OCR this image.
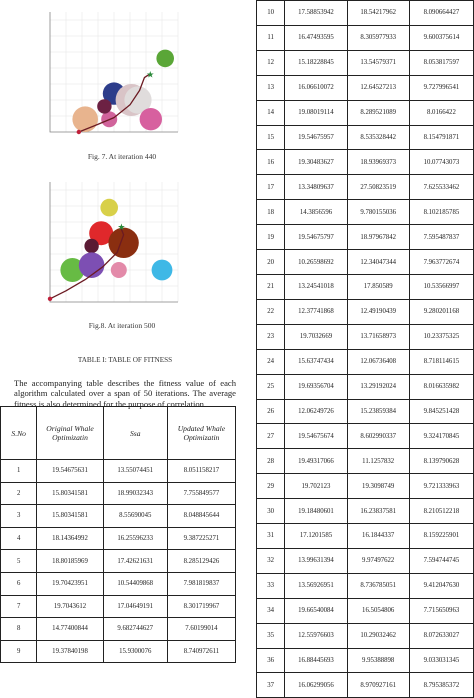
★
Fig. 7. At iteration 440
★
Fig.8. At iteration 500
TABLE I: TABLE OF FITNESS
The accompanying table describes the fitness value of each algorithm calculated over a span of 50 iterations. The average fitness is also determined for the purpose of correlation.
S.No	Original Whale Optimizatin	Ssa	Updated Whale Optimizatin
1	19.54675631	13.55074451	8.051158217
2	15.80341581	18.99032343	7.755849577
3	15.80341581	8.55690045	8.048845644
4	18.14364992	16.25596233	9.387225271
5	18.80185969	17.42621631	8.285129426
6	19.70423951	10.54409868	7.981819837
7	19.7043612	17.04649191	8.301719967
8	14.77400844	9.682744627	7.60199014
9	19.37840198	15.9300076	8.740972611
10	17.58853942	18.54217962	8.090664427
11	16.47493595	8.305977933	9.600375614
12	15.18228845	13.54579371	8.053817597
13	16.06610072	12.64527213	9.727996541
14	19.08019114	8.289521089	8.0166422
15	19.54675957	8.535328442	8.154791871
16	19.30483627	18.93969373	10.07743073
17	13.34809637	27.50823519	7.625533462
18	14.3856596	9.780155036	8.102185785
19	19.54675797	18.97967842	7.595487837
20	10.26598692	12.34047344	7.963772674
21	13.24541018	17.850589	10.53566997
22	12.37741868	12.49190439	9.280201168
23	19.7032669	13.71658973	10.23375325
24	15.63747434	12.06736408	8.718114615
25	19.69356704	13.29192024	8.016635982
26	12.06249726	15.23859384	9.845251428
27	19.54675674	8.602990337	9.324170845
28	19.49317066	11.1257832	8.139790628
29	19.702123	19.3098749	9.721333963
30	19.18480601	16.23837581	8.210512218
31	17.1201585	16.1844337	8.159225901
32	13.99631394	9.97497622	7.594744745
33	13.56926951	8.736785051	9.412047630
34	19.66540084	16.5054806	7.715650963
35	12.55976603	10.29032462	8.072633027
36	16.88445693	9.95388898	9.033031345
37	16.06299056	8.970927161	8.795385372
